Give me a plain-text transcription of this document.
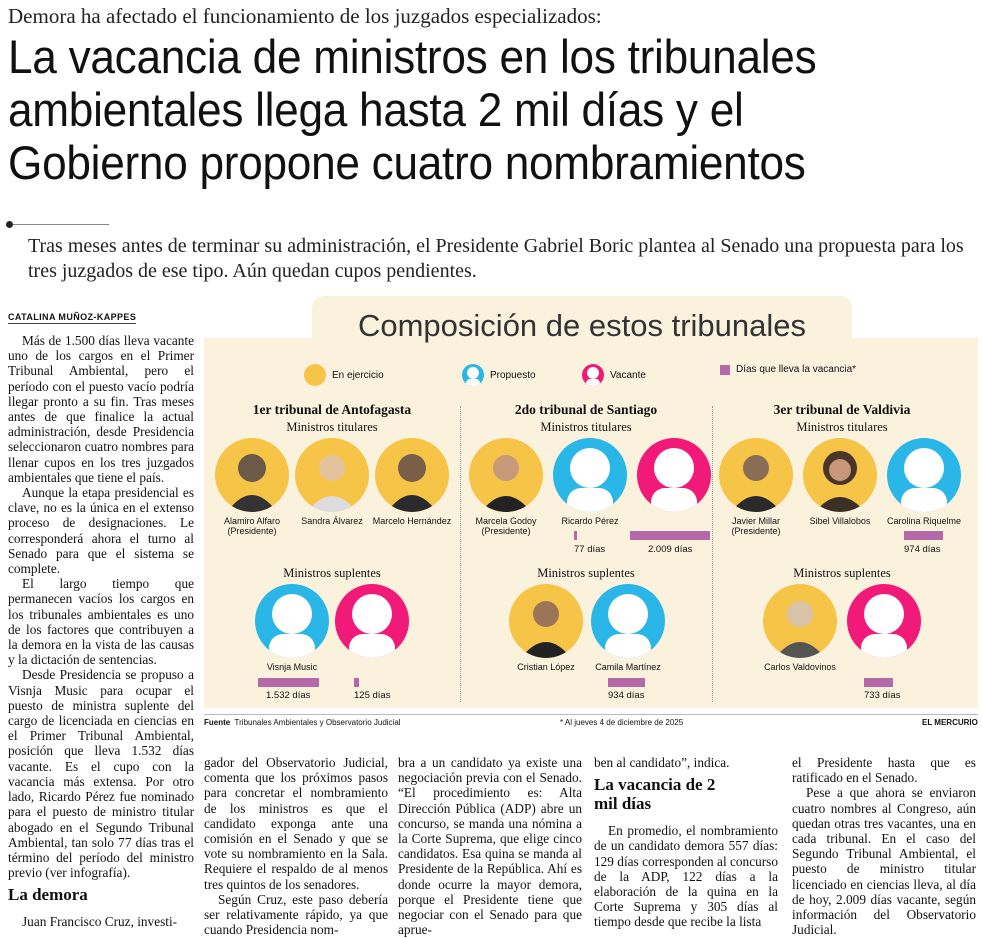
Demora ha afectado el funcionamiento de los juzgados especializados:
La vacancia de ministros en los tribunales ambientales llega hasta 2 mil días y el Gobierno propone cuatro nombramientos
Tras meses antes de terminar su administración, el Presidente Gabriel Boric plantea al Senado una propuesta para los tres juzgados de ese tipo. Aún quedan cupos pendientes.
CATALINA MUÑOZ-KAPPES

Más de 1.500 días lleva vacante uno de los cargos en el Primer Tribunal Ambiental, pero el período con el puesto vacío podría llegar pronto a su fin. Tras meses antes de que finalice la actual administración, desde Presidencia seleccionaron cuatro nombres para llenar cupos en los tres juzgados ambientales que tiene el país.

Aunque la etapa presidencial es clave, no es la única en el extenso proceso de designaciones. Le corresponderá ahora el turno al Senado para que el sistema se complete.

El largo tiempo que permanecen vacíos los cargos en los tribunales ambientales es uno de los factores que contribuyen a la demora en la vista de las causas y la dictación de sentencias.

Desde Presidencia se propuso a Visnja Music para ocupar el puesto de ministra suplente del cargo de licenciada en ciencias en el Primer Tribunal Ambiental, posición que lleva 1.532 días vacante. Es el cupo con la vacancia más extensa. Por otro lado, Ricardo Pérez fue nominado para el puesto de ministro titular abogado en el Segundo Tribunal Ambiental, tan solo 77 días tras el término del período del ministro previo (ver infografía).

La demora

Juan Francisco Cruz, investi-

gador del Observatorio Judicial, comenta que los próximos pasos para concretar el nombramiento de los ministros es que el candidato exponga ante una comisión en el Senado y que se vote su nombramiento en la Sala. Requiere el respaldo de al menos tres quintos de los senadores.

Según Cruz, este paso debería ser relativamente rápido, ya que cuando Presidencia nom-

bra a un candidato ya existe una negociación previa con el Senado. “El procedimiento es: Alta Dirección Pública (ADP) abre un concurso, se manda una nómina a la Corte Suprema, que elige cinco candidatos. Esa quina se manda al Presidente de la República. Ahí es donde ocurre la mayor demora, porque el Presidente tiene que negociar con el Senado para que aprue-

ben al candidato”, indica.

La vacancia de 2 mil días

En promedio, el nombramiento de un candidato demora 557 días: 129 días corresponden al concurso de la ADP, 122 días a la elaboración de la quina en la Corte Suprema y 305 días al tiempo desde que recibe la lista

el Presidente hasta que es ratificado en el Senado.

Pese a que ahora se enviaron cuatro nombres al Congreso, aún quedan otras tres vacantes, una en cada tribunal. En el caso del Segundo Tribunal Ambiental, el puesto de ministro titular licenciado en ciencias lleva, al día de hoy, 2.009 días vacante, según información del Observatorio Judicial.

Composición de estos tribunales
En ejercicio	Propuesto	Vacante	Días que lleva la vacancia*
1er tribunal de Antofagasta
Ministros titulares
Alamiro Alfaro (Presidente)
Sandra Álvarez	Marcelo Hernández
Ministros suplentes
Visnja Music
2do tribunal de Santiago
Ministros titulares
Marcela Godoy (Presidente)
Ricardo Pérez
Ministros suplentes
Cristian López	Camila Martínez
3er tribunal de Valdivia
Ministros titulares
Javier Millar (Presidente)
Sibel Villalobos	Carolina Riquelme
Ministros suplentes
Carlos Valdovinos
1.532 días	125 días
77 días	2.009 días
934 días
974 días
733 días
Fuente Tribunales Ambientales y Observatorio Judicial	* Al jueves 4 de diciembre de 2025	EL MERCURIO
